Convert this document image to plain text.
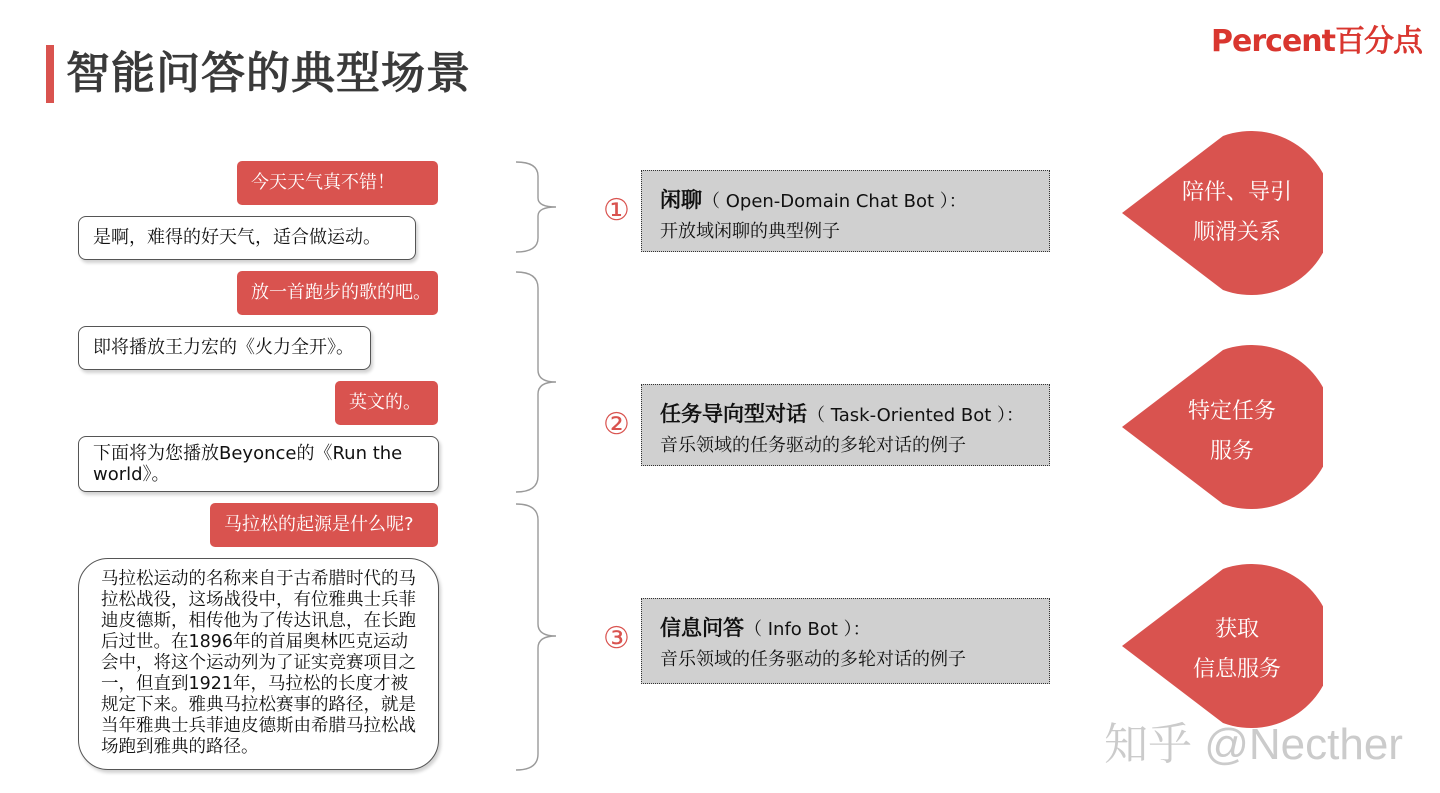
智能问答的典型场景
Percent百分点
今天天气真不错！
是啊，难得的好天气，适合做运动。
放一首跑步的歌的吧。
即将播放王力宏的《火力全开》。
英文的。
下面将为您播放Beyonce的《Run the
world》。
马拉松的起源是什么呢?
马拉松运动的名称来自于古希腊时代的马拉松战役，这场战役中，有位雅典士兵菲迪皮德斯，相传他为了传达讯息，在长跑后过世。在1896年的首届奥林匹克运动会中，将这个运动列为了证实竞赛项目之一，但直到1921年，马拉松的长度才被规定下来。雅典马拉松赛事的路径，就是当年雅典士兵菲迪皮德斯由希腊马拉松战场跑到雅典的路径。
① 闲聊（ Open-Domain Chat Bot ）：
开放域闲聊的典型例子
陪伴、导引
顺滑关系
② 任务导向型对话（ Task-Oriented Bot ）：
音乐领域的任务驱动的多轮对话的例子
特定任务
服务
③ 信息问答（ Info Bot ）：
音乐领域的任务驱动的多轮对话的例子
获取
信息服务
知乎 @Necther
